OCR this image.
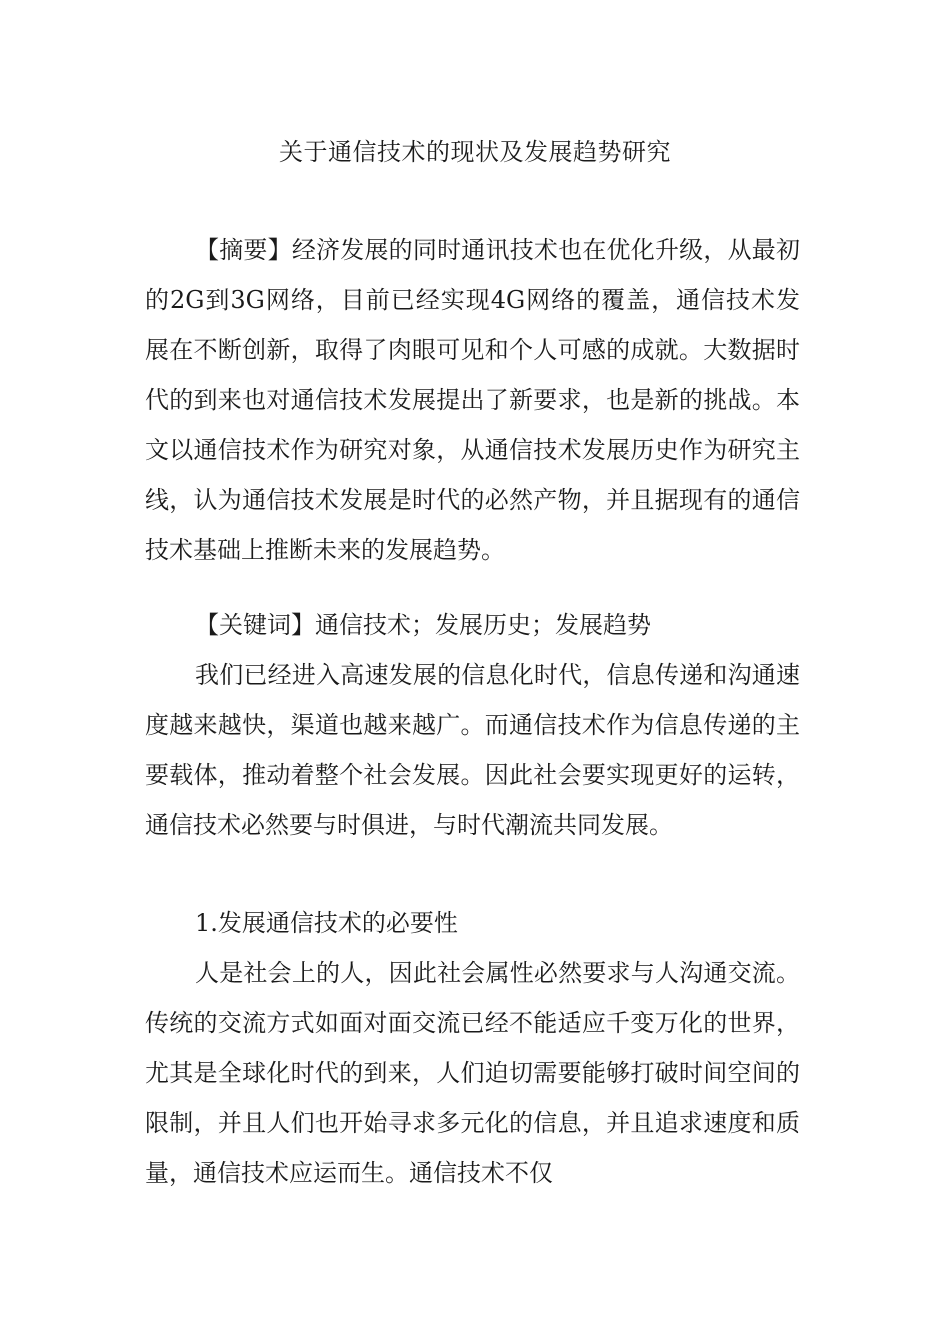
关于通信技术的现状及发展趋势研究

【摘要】经济发展的同时通讯技术也在优化升级，从最初的2G到3G网络，目前已经实现4G网络的覆盖，通信技术发展在不断创新，取得了肉眼可见和个人可感的成就。大数据时代的到来也对通信技术发展提出了新要求，也是新的挑战。本文以通信技术作为研究对象，从通信技术发展历史作为研究主线，认为通信技术发展是时代的必然产物，并且据现有的通信技术基础上推断未来的发展趋势。

【关键词】通信技术；发展历史；发展趋势

我们已经进入高速发展的信息化时代，信息传递和沟通速度越来越快，渠道也越来越广。而通信技术作为信息传递的主要载体，推动着整个社会发展。因此社会要实现更好的运转，通信技术必然要与时俱进，与时代潮流共同发展。

1.发展通信技术的必要性

人是社会上的人，因此社会属性必然要求与人沟通交流。传统的交流方式如面对面交流已经不能适应千变万化的世界，尤其是全球化时代的到来，人们迫切需要能够打破时间空间的限制，并且人们也开始寻求多元化的信息，并且追求速度和质量，通信技术应运而生。通信技术不仅
